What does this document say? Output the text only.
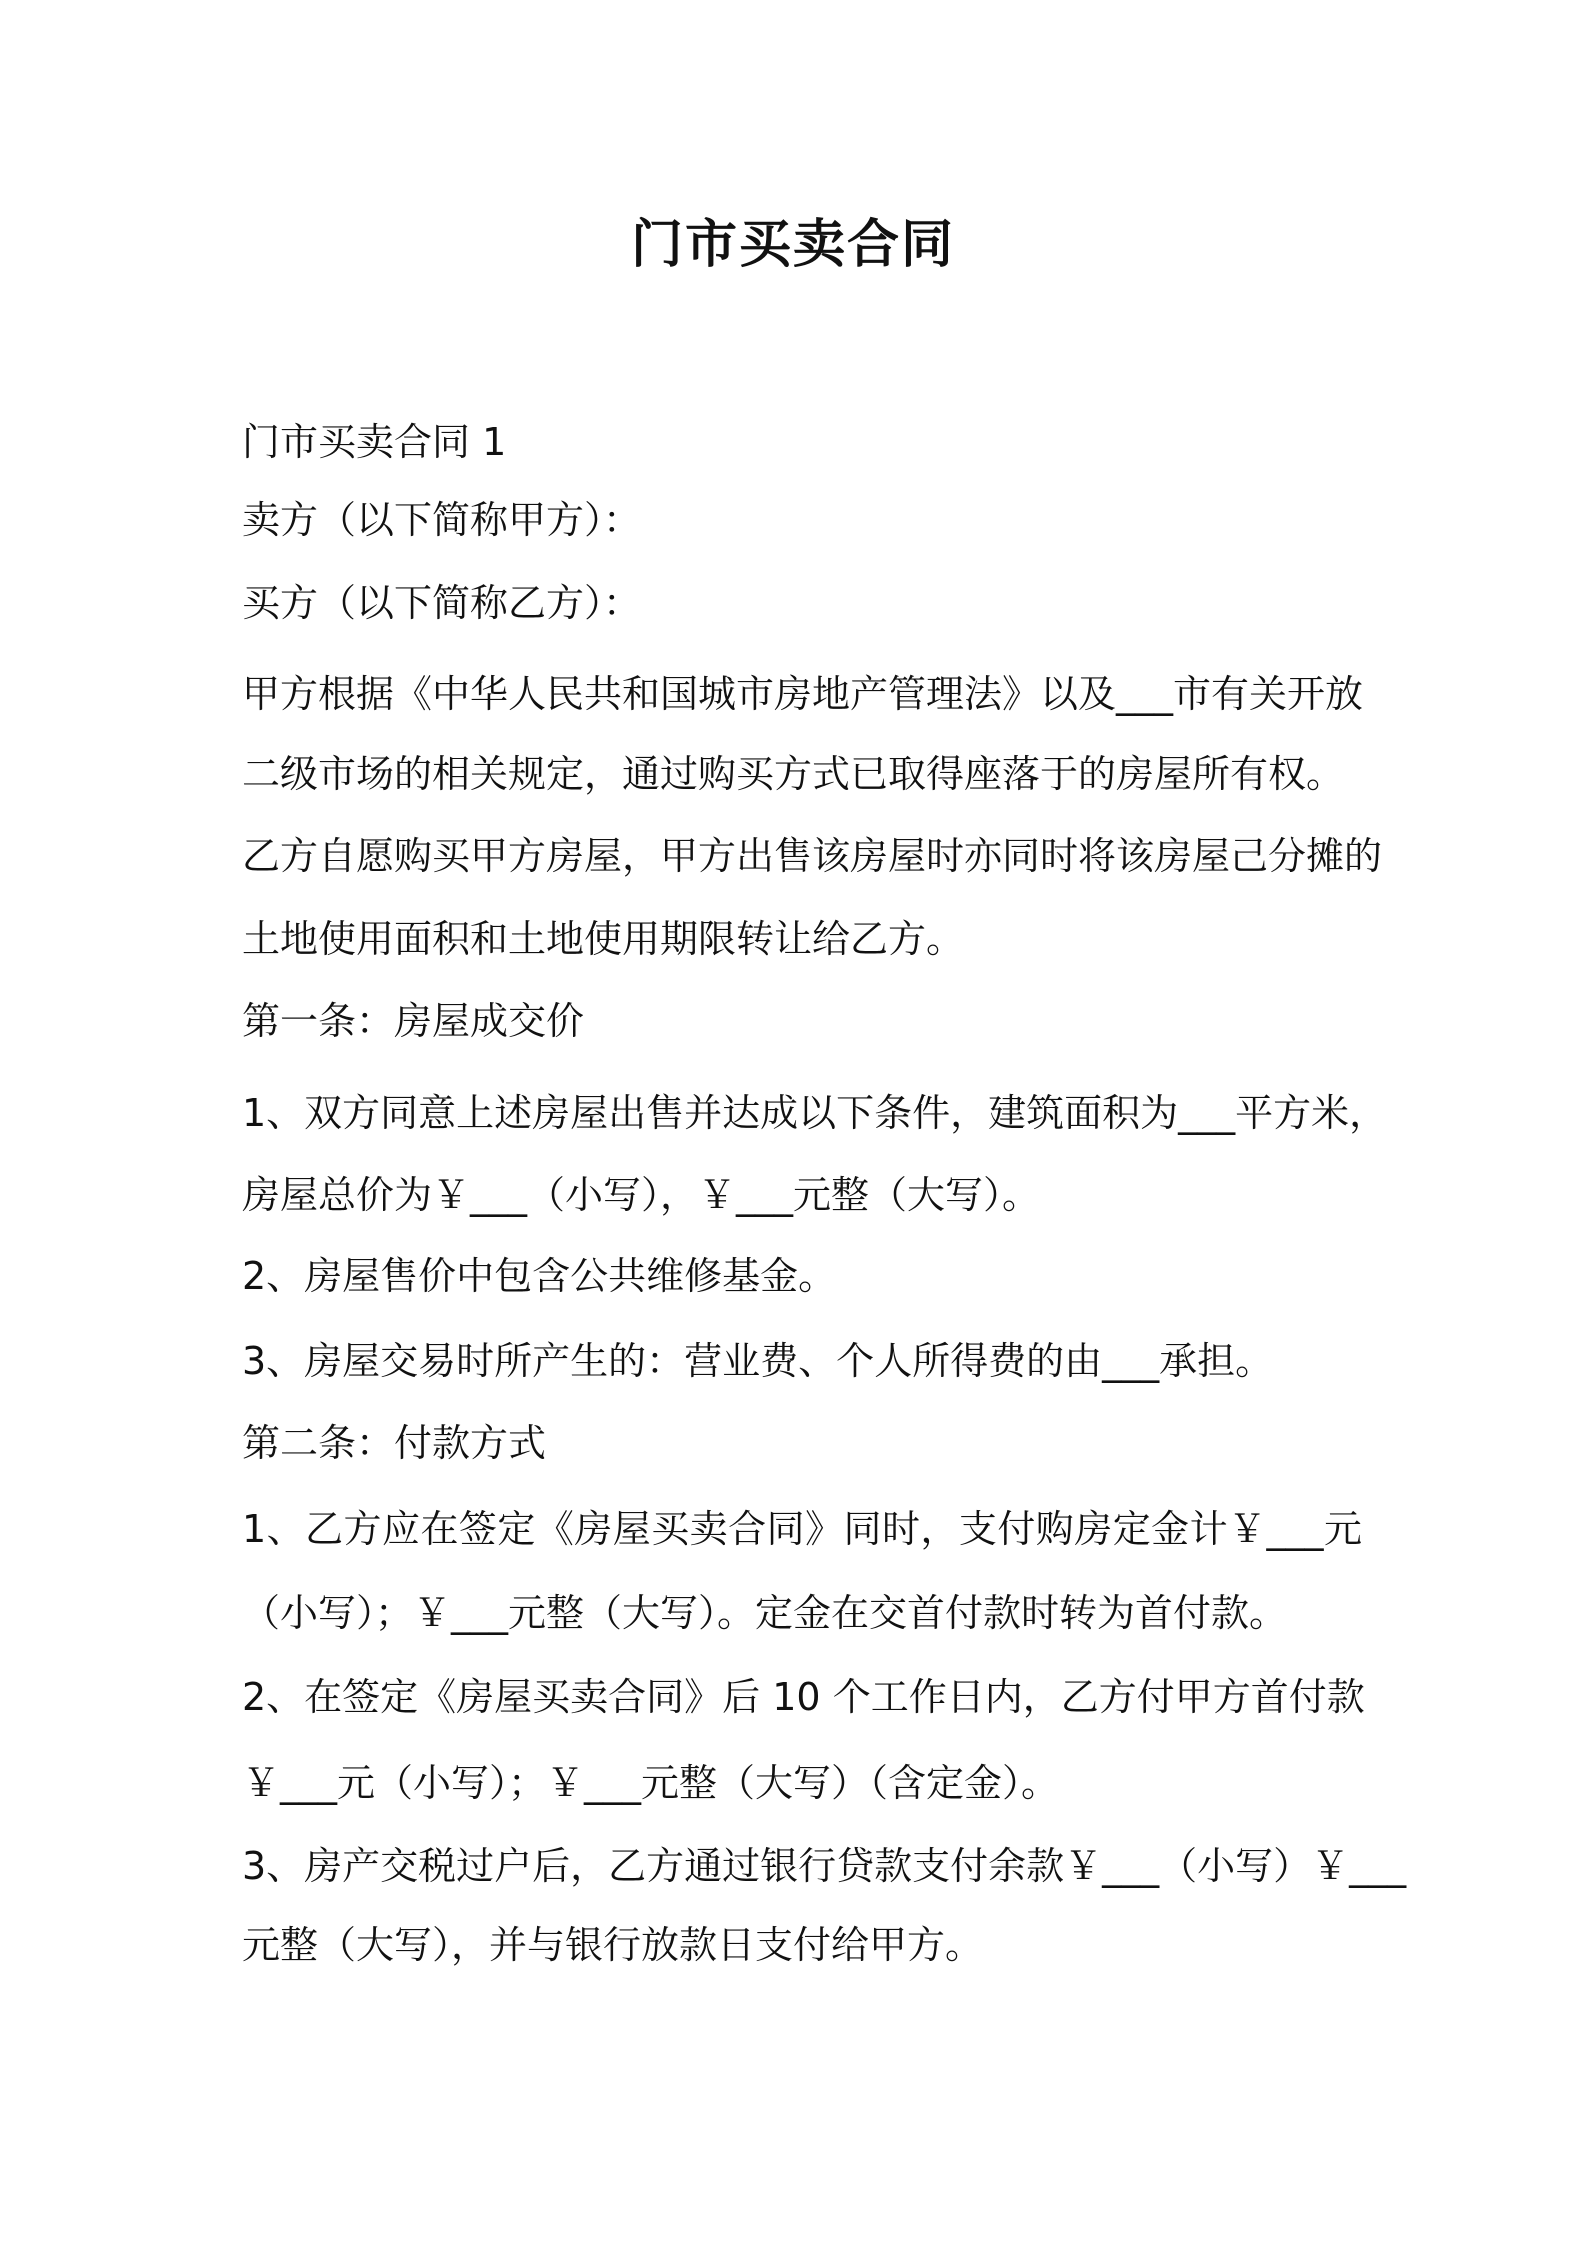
门市买卖合同
门市买卖合同 1
卖方（以下简称甲方）：
买方（以下简称乙方）：
甲方根据《中华人民共和国城市房地产管理法》以及___市有关开放
二级市场的相关规定，通过购买方式已取得座落于的房屋所有权。
乙方自愿购买甲方房屋，甲方出售该房屋时亦同时将该房屋己分摊的
土地使用面积和土地使用期限转让给乙方。
第一条：房屋成交价
1、双方同意上述房屋出售并达成以下条件，建筑面积为___平方米，
房屋总价为￥___（小写），￥___元整（大写）。
2、房屋售价中包含公共维修基金。
3、房屋交易时所产生的：营业费、个人所得费的由___承担。
第二条：付款方式
1、乙方应在签定《房屋买卖合同》同时，支付购房定金计￥___元
（小写）；￥___元整（大写）。定金在交首付款时转为首付款。
2、在签定《房屋买卖合同》后 10 个工作日内，乙方付甲方首付款
￥___元（小写）；￥___元整（大写）（含定金）。
3、房产交税过户后，乙方通过银行贷款支付余款￥___（小写）￥___
元整（大写），并与银行放款日支付给甲方。
